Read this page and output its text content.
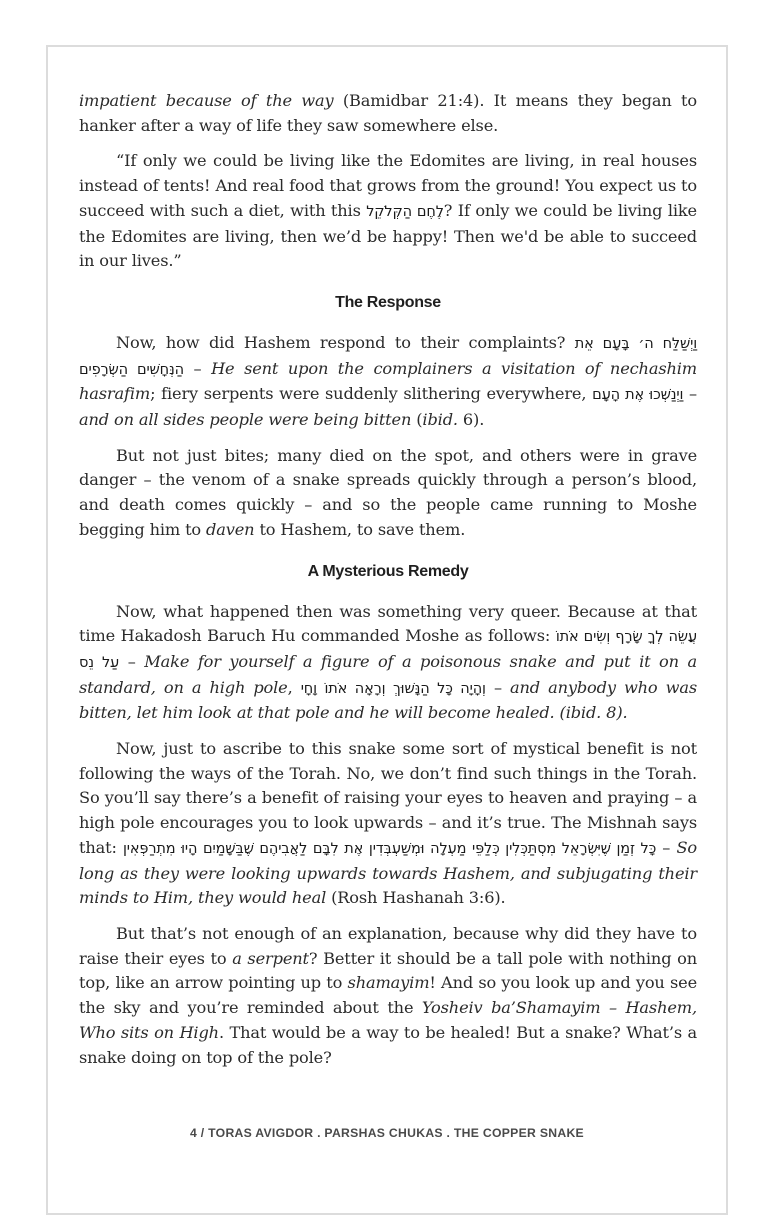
impatient because of the way (Bamidbar 21:4). It means they began to hanker after a way of life they saw somewhere else.

“If only we could be living like the Edomites are living, in real houses instead of tents! And real food that grows from the ground! You expect us to succeed with such a diet, with this לֶחֶם הַקְּלֹקֵל? If only we could be living like the Edomites are living, then we’d be happy! Then we'd be able to succeed in our lives.”

The Response

Now, how did Hashem respond to their complaints? וַיְשַׁלַּח ה׳ בָּעָם אֵת הַנְּחָשִׁים הַשְּׂרָפִים – He sent upon the complainers a visitation of nechashim hasrafim; fiery serpents were suddenly slithering everywhere, וַיְנַשְּׁכוּ אֶת הָעָם – and on all sides people were being bitten (ibid. 6).

But not just bites; many died on the spot, and others were in grave danger – the venom of a snake spreads quickly through a person’s blood, and death comes quickly – and so the people came running to Moshe begging him to daven to Hashem, to save them.

A Mysterious Remedy

Now, what happened then was something very queer. Because at that time Hakadosh Baruch Hu commanded Moshe as follows: עֲשֵׂה לְךָ שָׂרָף וְשִׂים אֹתוֹ עַל נֵס – Make for yourself a figure of a poisonous snake and put it on a standard, on a high pole, וְהָיָה כָּל הַנָּשׁוּךְ וְרָאָה אֹתוֹ וָחָי – and anybody who was bitten, let him look at that pole and he will become healed. (ibid. 8).

Now, just to ascribe to this snake some sort of mystical benefit is not following the ways of the Torah. No, we don’t find such things in the Torah. So you’ll say there’s a benefit of raising your eyes to heaven and praying – a high pole encourages you to look upwards – and it’s true. The Mishnah says that: כָּל זְמַן שֶׁיִּשְׂרָאֵל מִסְתַּכְּלִין כְּלַפֵּי מַעְלָה וּמְשַׁעְבְּדִין אֶת לִבָּם לַאֲבִיהֶם שֶׁבַּשָּׁמַיִם הָיוּ מִתְרַפְּאִין – So long as they were looking upwards towards Hashem, and subjugating their minds to Him, they would heal (Rosh Hashanah 3:6).

But that’s not enough of an explanation, because why did they have to raise their eyes to a serpent? Better it should be a tall pole with nothing on top, like an arrow pointing up to shamayim! And so you look up and you see the sky and you’re reminded about the Yosheiv ba’Shamayim – Hashem, Who sits on High. That would be a way to be healed! But a snake? What’s a snake doing on top of the pole?

4 / TORAS AVIGDOR . PARSHAS CHUKAS . THE COPPER SNAKE
